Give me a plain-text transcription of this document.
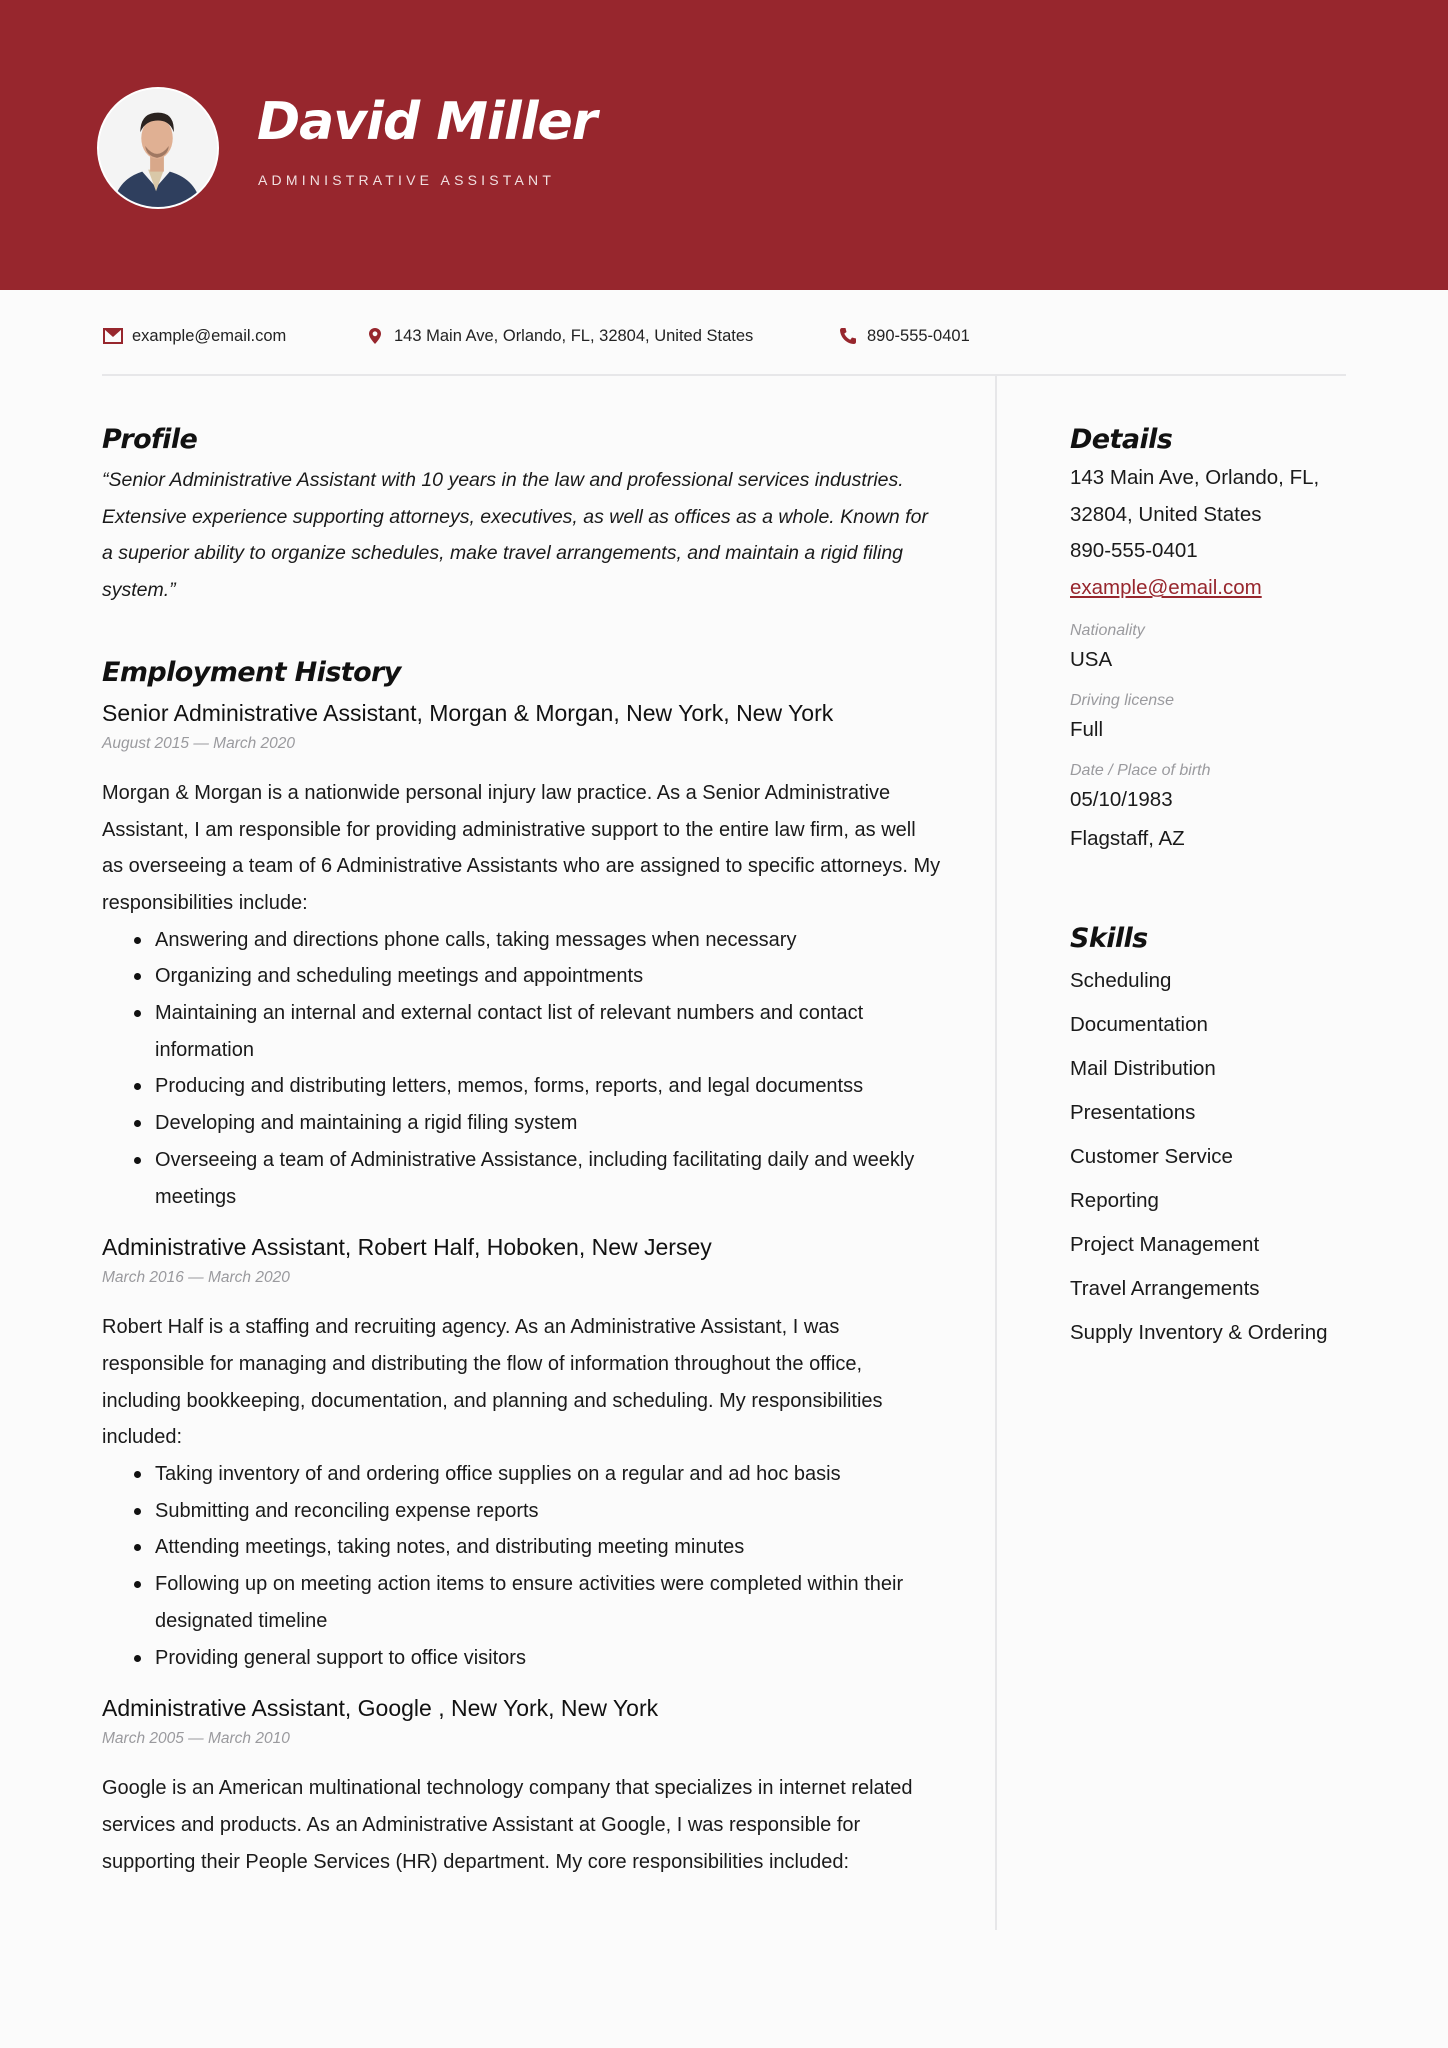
David Miller
ADMINISTRATIVE ASSISTANT
example@email.com	143 Main Ave, Orlando, FL, 32804, United States	890-555-0401
Profile

“Senior Administrative Assistant with 10 years in the law and professional services industries. Extensive experience supporting attorneys, executives, as well as offices as a whole. Known for a superior ability to organize schedules, make travel arrangements, and maintain a rigid filing system.”

Employment History
Senior Administrative Assistant, Morgan & Morgan, New York, New York
August 2015 — March 2020

Morgan & Morgan is a nationwide personal injury law practice. As a Senior Administrative Assistant, I am responsible for providing administrative support to the entire law firm, as well as overseeing a team of 6 Administrative Assistants who are assigned to specific attorneys. My responsibilities include:

Answering and directions phone calls, taking messages when necessary
Organizing and scheduling meetings and appointments
Maintaining an internal and external contact list of relevant numbers and contact information
Producing and distributing letters, memos, forms, reports, and legal documentss
Developing and maintaining a rigid filing system
Overseeing a team of Administrative Assistance, including facilitating daily and weekly meetings
Administrative Assistant, Robert Half, Hoboken, New Jersey
March 2016 — March 2020

Robert Half is a staffing and recruiting agency. As an Administrative Assistant, I was responsible for managing and distributing the flow of information throughout the office, including bookkeeping, documentation, and planning and scheduling. My responsibilities included:

Taking inventory of and ordering office supplies on a regular and ad hoc basis
Submitting and reconciling expense reports
Attending meetings, taking notes, and distributing meeting minutes
Following up on meeting action items to ensure activities were completed within their designated timeline
Providing general support to office visitors
Administrative Assistant, Google , New York, New York
March 2005 — March 2010

Google is an American multinational technology company that specializes in internet related services and products. As an Administrative Assistant at Google, I was responsible for supporting their People Services (HR) department. My core responsibilities included:

Details
143 Main Ave, Orlando, FL,
32804, United States
890-555-0401
example@email.com
Nationality
USA
Driving license
Full
Date / Place of birth
05/10/1983
Flagstaff, AZ
Skills
Scheduling
Documentation
Mail Distribution
Presentations
Customer Service
Reporting
Project Management
Travel Arrangements
Supply Inventory & Ordering
